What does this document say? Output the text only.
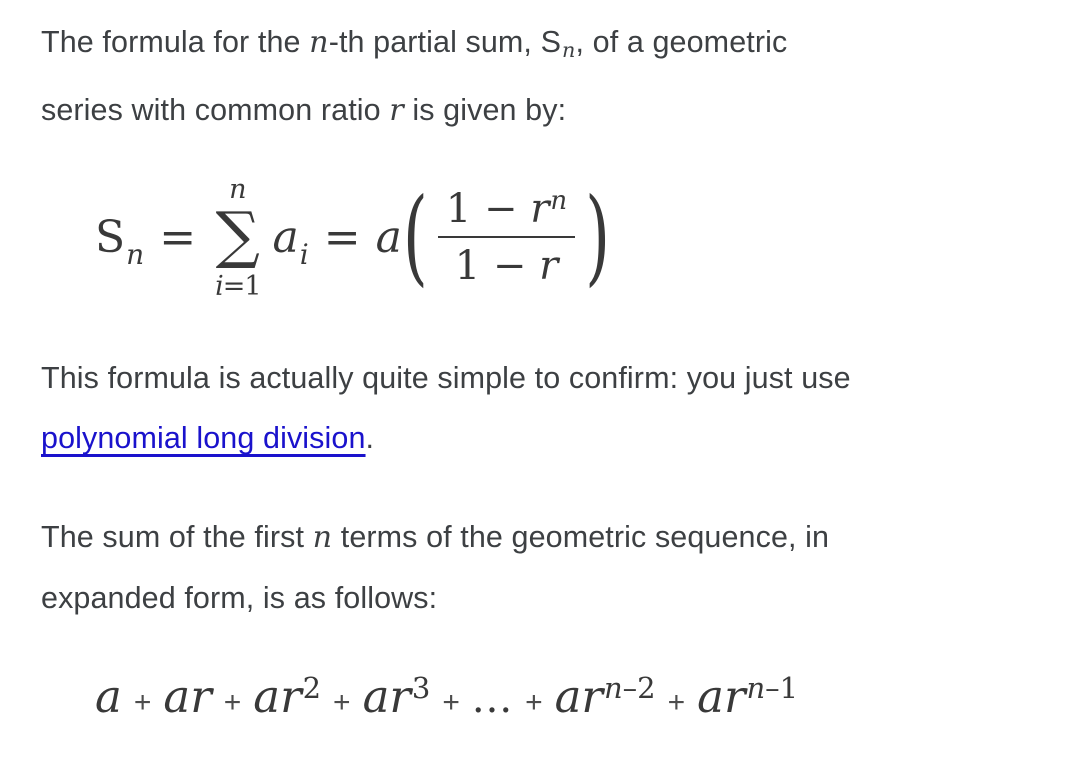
The formula for the n-th partial sum, Sn, of a geometric
series with common ratio r is given by:

$S_n$ =
n
∑
i=1
$a_i = a$ ( $\frac{1 - r^n}{1 - r}$ )

This formula is actually quite simple to confirm: you just use
polynomial long division.

The sum of the first n terms of the geometric sequence, in
expanded form, is as follows:

a + ar + ar2 + ar3 + ... + arn–2 + arn–1
